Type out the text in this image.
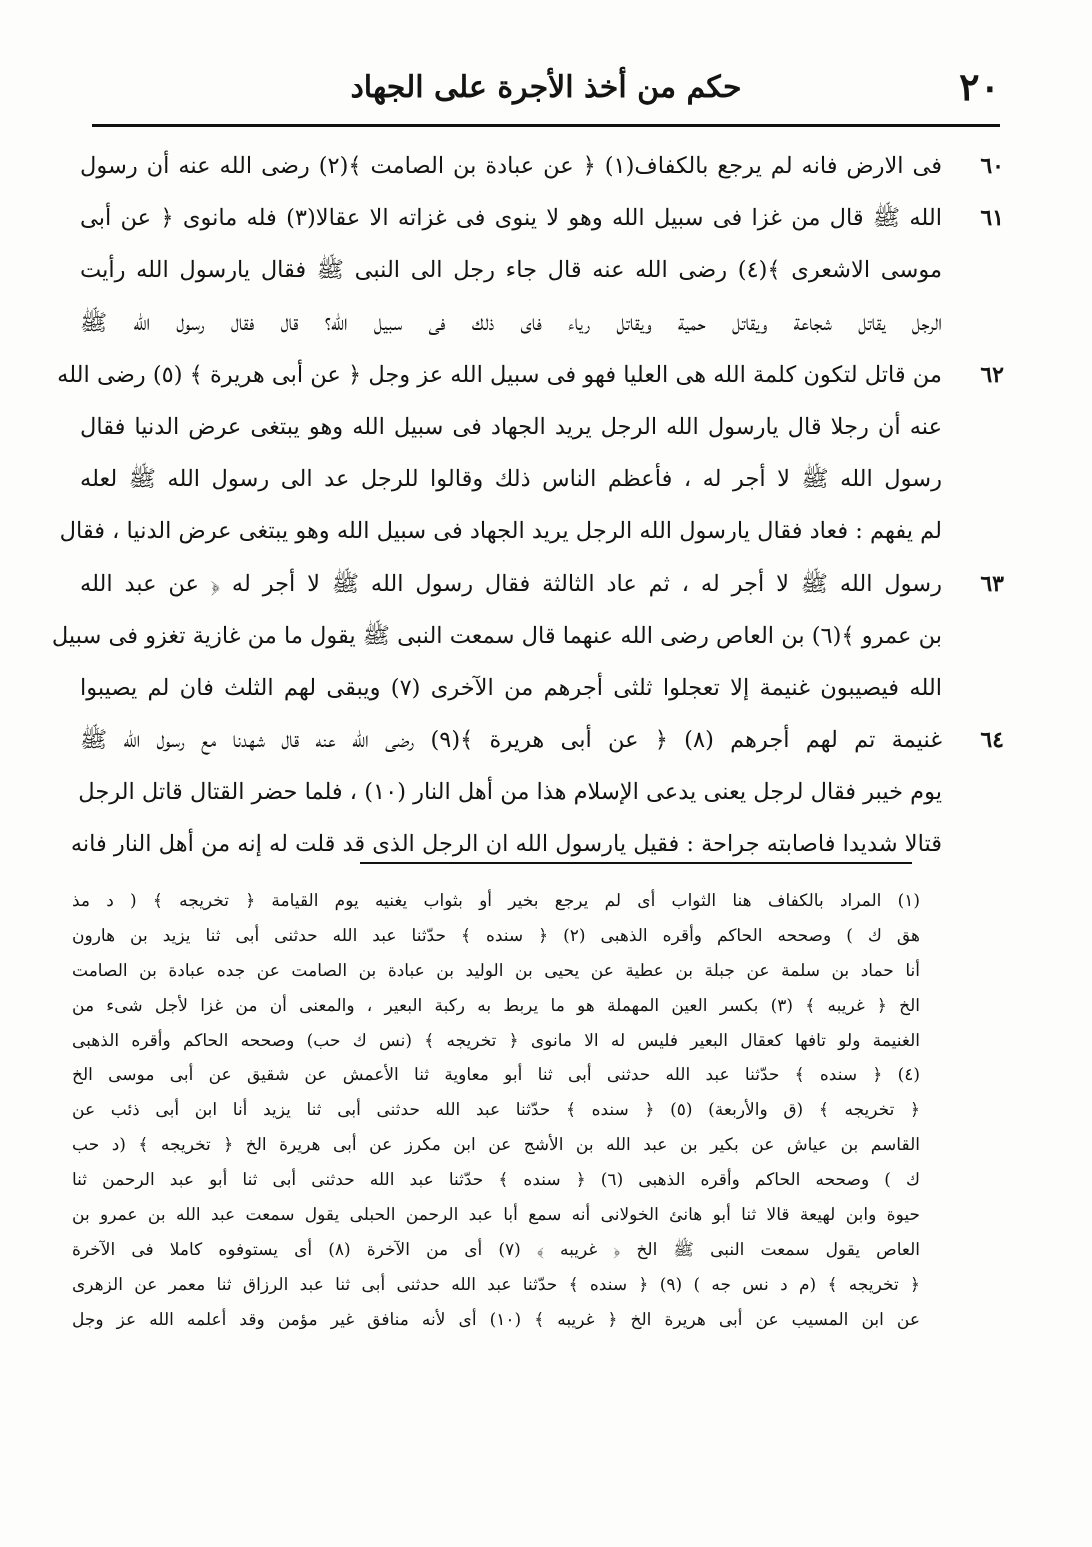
٢٠
حكم من أخذ الأجرة على الجهاد
٦٠
فى الارض فانه لم يرجع بالكفاف(١) ﴿ عن عبادة بن الصامت ﴾(٢) رضى الله عنه أن رسول
٦١
الله ﷺ قال من غزا فى سبيل الله وهو لا ينوى فى غزاته الا عقالا(٣) فله مانوى ﴿ عن أبى
موسى الاشعرى ﴾(٤) رضى الله عنه قال جاء رجل الى النبى ﷺ فقال يارسول الله رأيت
الرجل يقاتل شجاعة ويقاتل حمية ويقاتل رياء فاى ذلك فى سبيل الله؟ قال فقال رسول الله ﷺ
٦٢
من قاتل لتكون كلمة الله هى العليا فهو فى سبيل الله عز وجل ﴿ عن أبى هريرة ﴾ (٥) رضى الله
عنه أن رجلا قال يارسول الله الرجل يريد الجهاد فى سبيل الله وهو يبتغى عرض الدنيا فقال
رسول الله ﷺ لا أجر له ، فأعظم الناس ذلك وقالوا للرجل عد الى رسول الله ﷺ لعله
لم يفهم : فعاد فقال يارسول الله الرجل يريد الجهاد فى سبيل الله وهو يبتغى عرض الدنيا ، فقال
٦٣
رسول الله ﷺ لا أجر له ، ثم عاد الثالثة فقال رسول الله ﷺ لا أجر له ﴿ عن عبد الله
بن عمرو ﴾(٦) بن العاص رضى الله عنهما قال سمعت النبى ﷺ يقول ما من غازية تغزو فى سبيل
الله فيصيبون غنيمة إلا تعجلوا ثلثى أجرهم من الآخرى (٧) ويبقى لهم الثلث فان لم يصيبوا
٦٤
غنيمة تم لهم أجرهم (٨) ﴿ عن أبى هريرة ﴾(٩) رضى الله عنه قال شهدنا مع رسول الله ﷺ
يوم خيبر فقال لرجل يعنى يدعى الإسلام هذا من أهل النار (١٠) ، فلما حضر القتال قاتل الرجل
قتالا شديدا فاصابته جراحة : فقيل يارسول الله ان الرجل الذى قد قلت له إنه من أهل النار فانه
(١) المراد بالكفاف هنا الثواب أى لم يرجع بخير أو بثواب يغنيه يوم القيامة ﴿ تخريجه ﴾ ( د مذ
هق ك ) وصححه الحاكم وأقره الذهبى (٢) ﴿ سنده ﴾ حدّثنا عبد الله حدثنى أبى ثنا يزيد بن هارون
أنا حماد بن سلمة عن جبلة بن عطية عن يحيى بن الوليد بن عبادة بن الصامت عن جده عبادة بن الصامت
الخ ﴿ غريبه ﴾ (٣) بكسر العين المهملة هو ما يربط به ركبة البعير ، والمعنى أن من غزا لأجل شىء من
الغنيمة ولو تافها كعقال البعير فليس له الا مانوى ﴿ تخريجه ﴾ (نس ك حب) وصححه الحاكم وأقره الذهبى
(٤) ﴿ سنده ﴾ حدّثنا عبد الله حدثنى أبى ثنا أبو معاوية ثنا الأعمش عن شقيق عن أبى موسى الخ
﴿ تخريجه ﴾ (ق والأربعة) (٥) ﴿ سنده ﴾ حدّثنا عبد الله حدثنى أبى ثنا يزيد أنا ابن أبى ذئب عن
القاسم بن عياش عن بكير بن عبد الله بن الأشج عن ابن مكرز عن أبى هريرة الخ ﴿ تخريجه ﴾ (د حب
ك ) وصححه الحاكم وأقره الذهبى (٦) ﴿ سنده ﴾ حدّثنا عبد الله حدثنى أبى ثنا أبو عبد الرحمن ثنا
حيوة وابن لهيعة قالا ثنا أبو هانئ الخولانى أنه سمع أبا عبد الرحمن الحبلى يقول سمعت عبد الله بن عمرو بن
العاص يقول سمعت النبى ﷺ الخ ﴿ غريبه ﴾ (٧) أى من الآخرة (٨) أى يستوفوه كاملا فى الآخرة
﴿ تخريجه ﴾ (م د نس جه ) (٩) ﴿ سنده ﴾ حدّثنا عبد الله حدثنى أبى ثنا عبد الرزاق ثنا معمر عن الزهرى
عن ابن المسيب عن أبى هريرة الخ ﴿ غريبه ﴾ (١٠) أى لأنه منافق غير مؤمن وقد أعلمه الله عز وجل
